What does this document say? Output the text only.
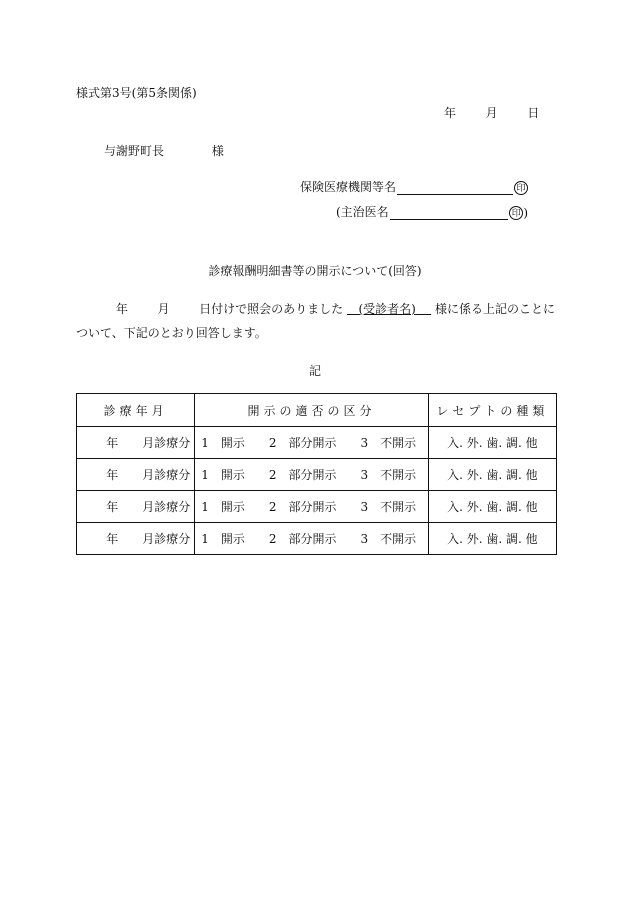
様式第3号(第5条関係)
年 月 日
与謝野町長	様
保険医療機関等名	印
(主治医名	印 )
診療報酬明細書等の開示について(回答)
年 月 日付けで照会のありました (受診者名) 様に係る上記のことに
ついて、下記のとおり回答します。
記
診療年月	開示の適否の区分	レセプトの種類
年　　月診療分	1　開示　　2　部分開示　　3　不開示	入. 外. 歯. 調. 他
年　　月診療分	1　開示　　2　部分開示　　3　不開示	入. 外. 歯. 調. 他
年　　月診療分	1　開示　　2　部分開示　　3　不開示	入. 外. 歯. 調. 他
年　　月診療分	1　開示　　2　部分開示　　3　不開示	入. 外. 歯. 調. 他
